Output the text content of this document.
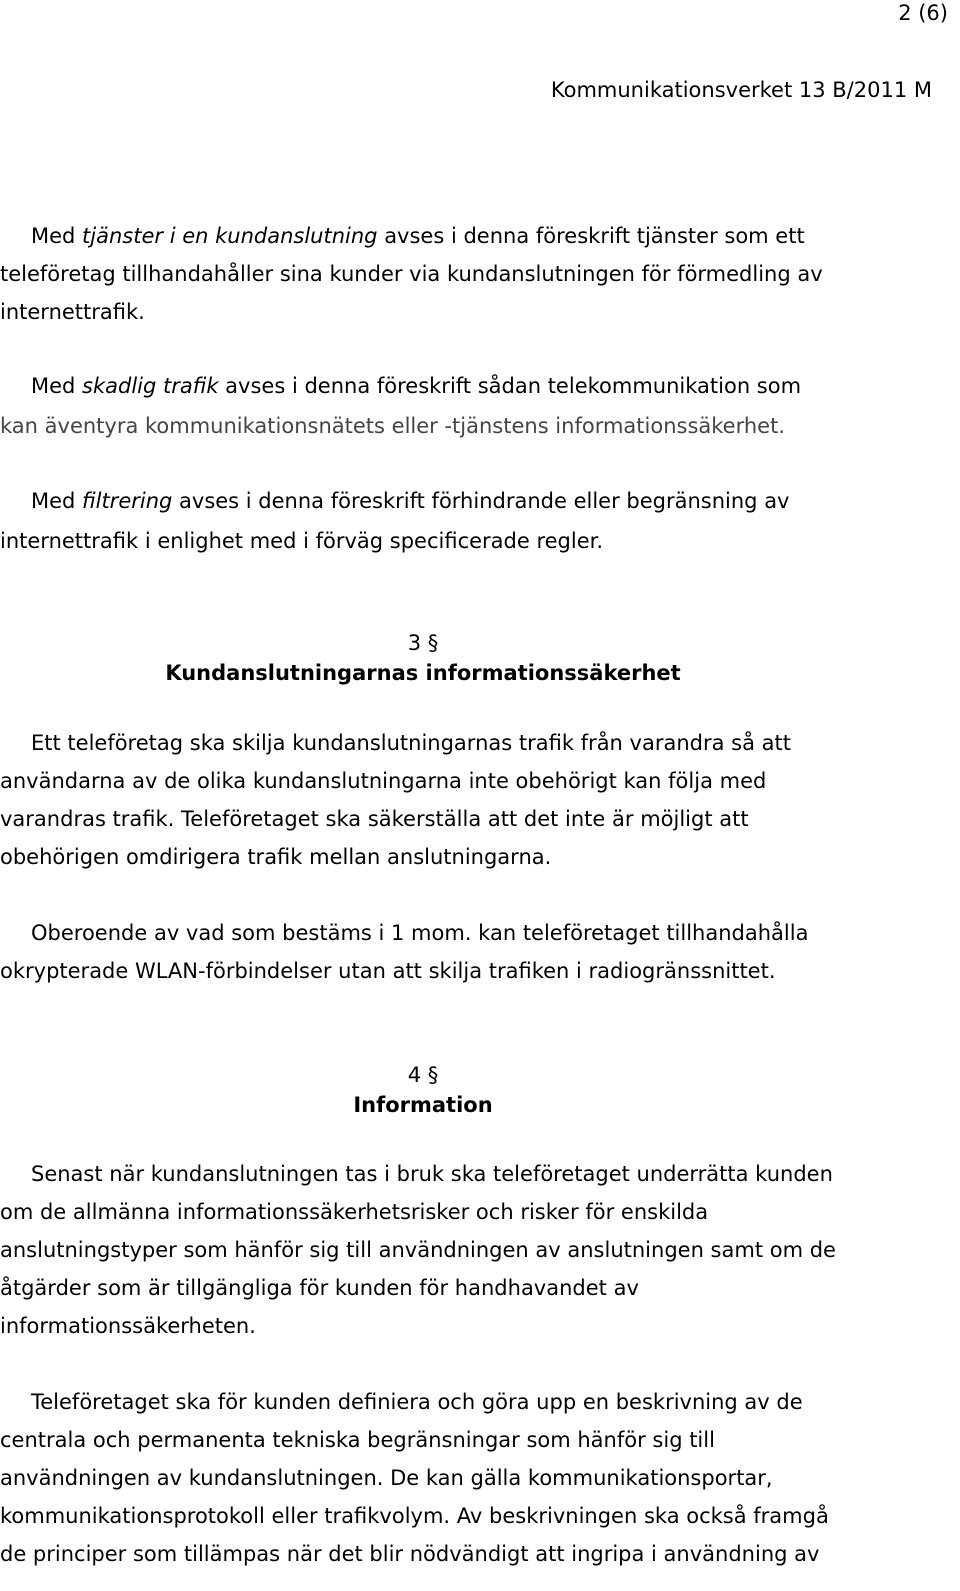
2 (6)
Kommunikationsverket 13 B/2011 M
Med tjänster i en kundanslutning avses i denna föreskrift tjänster som ett
teleföretag tillhandahåller sina kunder via kundanslutningen för förmedling av
internettrafik.
Med skadlig trafik avses i denna föreskrift sådan telekommunikation som
kan äventyra kommunikationsnätets eller -tjänstens informationssäkerhet.
Med filtrering avses i denna föreskrift förhindrande eller begränsning av
internettrafik i enlighet med i förväg specificerade regler.
3 §
Kundanslutningarnas informationssäkerhet
Ett teleföretag ska skilja kundanslutningarnas trafik från varandra så att
användarna av de olika kundanslutningarna inte obehörigt kan följa med
varandras trafik. Teleföretaget ska säkerställa att det inte är möjligt att
obehörigen omdirigera trafik mellan anslutningarna.
Oberoende av vad som bestäms i 1 mom. kan teleföretaget tillhandahålla
okrypterade WLAN-förbindelser utan att skilja trafiken i radiogränssnittet.
4 §
Information
Senast när kundanslutningen tas i bruk ska teleföretaget underrätta kunden
om de allmänna informationssäkerhetsrisker och risker för enskilda
anslutningstyper som hänför sig till användningen av anslutningen samt om de
åtgärder som är tillgängliga för kunden för handhavandet av
informationssäkerheten.
Teleföretaget ska för kunden definiera och göra upp en beskrivning av de
centrala och permanenta tekniska begränsningar som hänför sig till
användningen av kundanslutningen. De kan gälla kommunikationsportar,
kommunikationsprotokoll eller trafikvolym. Av beskrivningen ska också framgå
de principer som tillämpas när det blir nödvändigt att ingripa i användning av
